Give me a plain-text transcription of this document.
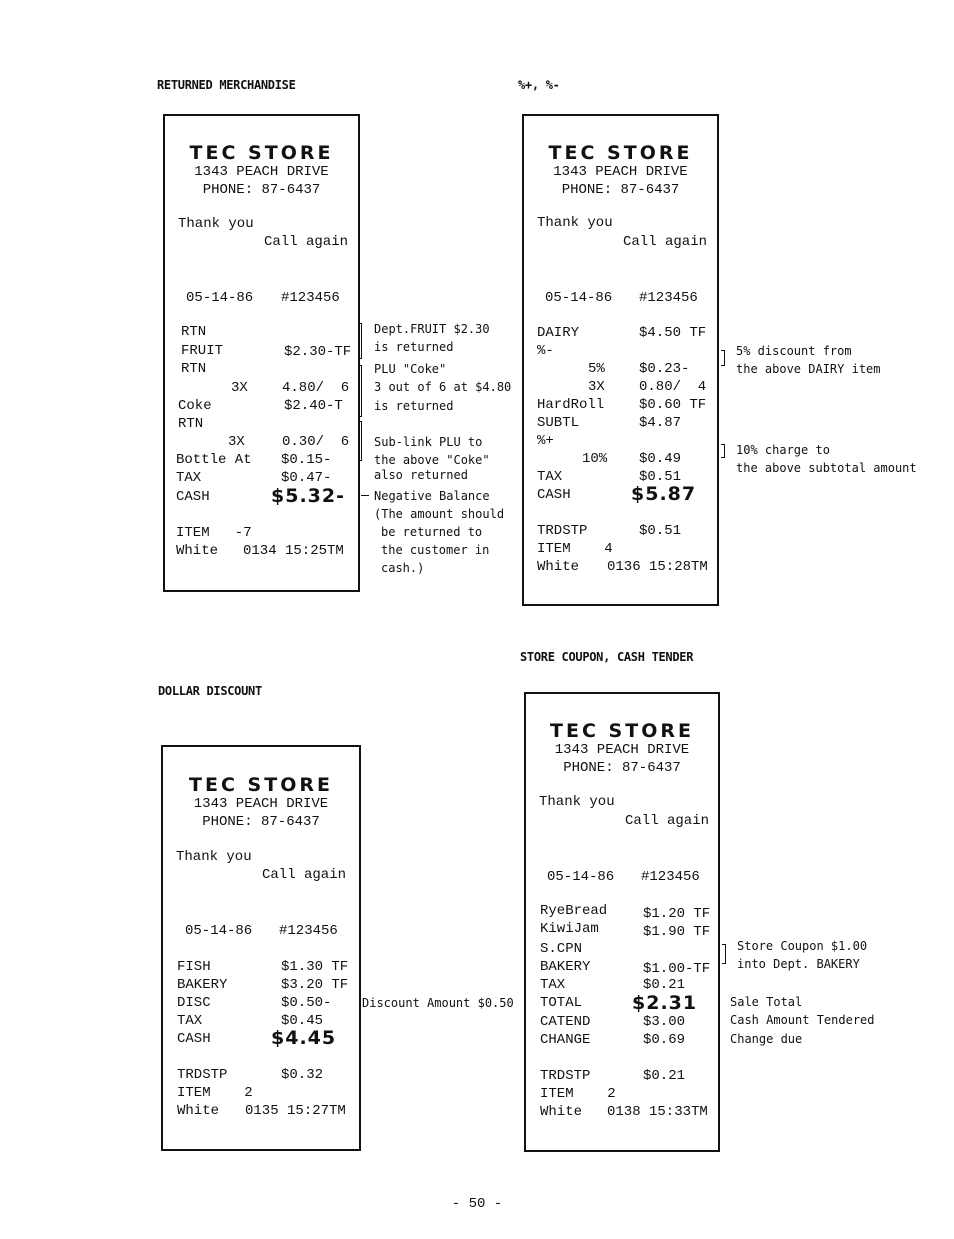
RETURNED MERCHANDISE	%+, %-
DOLLAR DISCOUNT
STORE COUPON, CASH TENDER
TEC STORE
1343 PEACH DRIVE
PHONE: 87-6437
Thank you
Call again
05-14-86 #123456
RTN
FRUIT	$2.30-TF
RTN
3X 4.80/  6
Coke	$2.40-T
RTN
3X	0.30/  6
Bottle At $0.15-
TAX	$0.47-
CASH	$5.32-
ITEM   -7
White 0134 15:25TM
Dept.FRUIT $2.30
is returned
PLU "Coke"
3 out of 6 at $4.80
is returned
Sub-link PLU to
the above "Coke"
also returned
Negative Balance
(The amount should
be returned to
the customer in
cash.)
TEC STORE
1343 PEACH DRIVE
PHONE: 87-6437
Thank you
Call again
05-14-86 #123456
DAIRY	$4.50 TF
%-
5% $0.23-
3X 0.80/  4
HardRoll $0.60 TF
SUBTL	$4.87
%+
10% $0.49
TAX	$0.51
CASH	$5.87
TRDSTP	$0.51
ITEM    4
White 0136 15:28TM
5% discount from
the above DAIRY item
10% charge to
the above subtotal amount
TEC STORE
1343 PEACH DRIVE
PHONE: 87-6437
Thank you
Call again
05-14-86 #123456
FISH	$1.30 TF
BAKERY	$3.20 TF
DISC	$0.50-
TAX	$0.45
CASH	$4.45
TRDSTP	$0.32
ITEM    2
White 0135 15:27TM
Discount Amount $0.50
TEC STORE
1343 PEACH DRIVE
PHONE: 87-6437
Thank you
Call again
05-14-86 #123456
RyeBread	$1.20 TF
KiwiJam	$1.90 TF
S.CPN
BAKERY	$1.00-TF
TAX	$0.21
TOTAL	$2.31
CATEND	$3.00
CHANGE	$0.69
TRDSTP	$0.21
ITEM    2
White 0138 15:33TM
Store Coupon $1.00
into Dept. BAKERY
Sale Total
Cash Amount Tendered
Change due
- 50 -
